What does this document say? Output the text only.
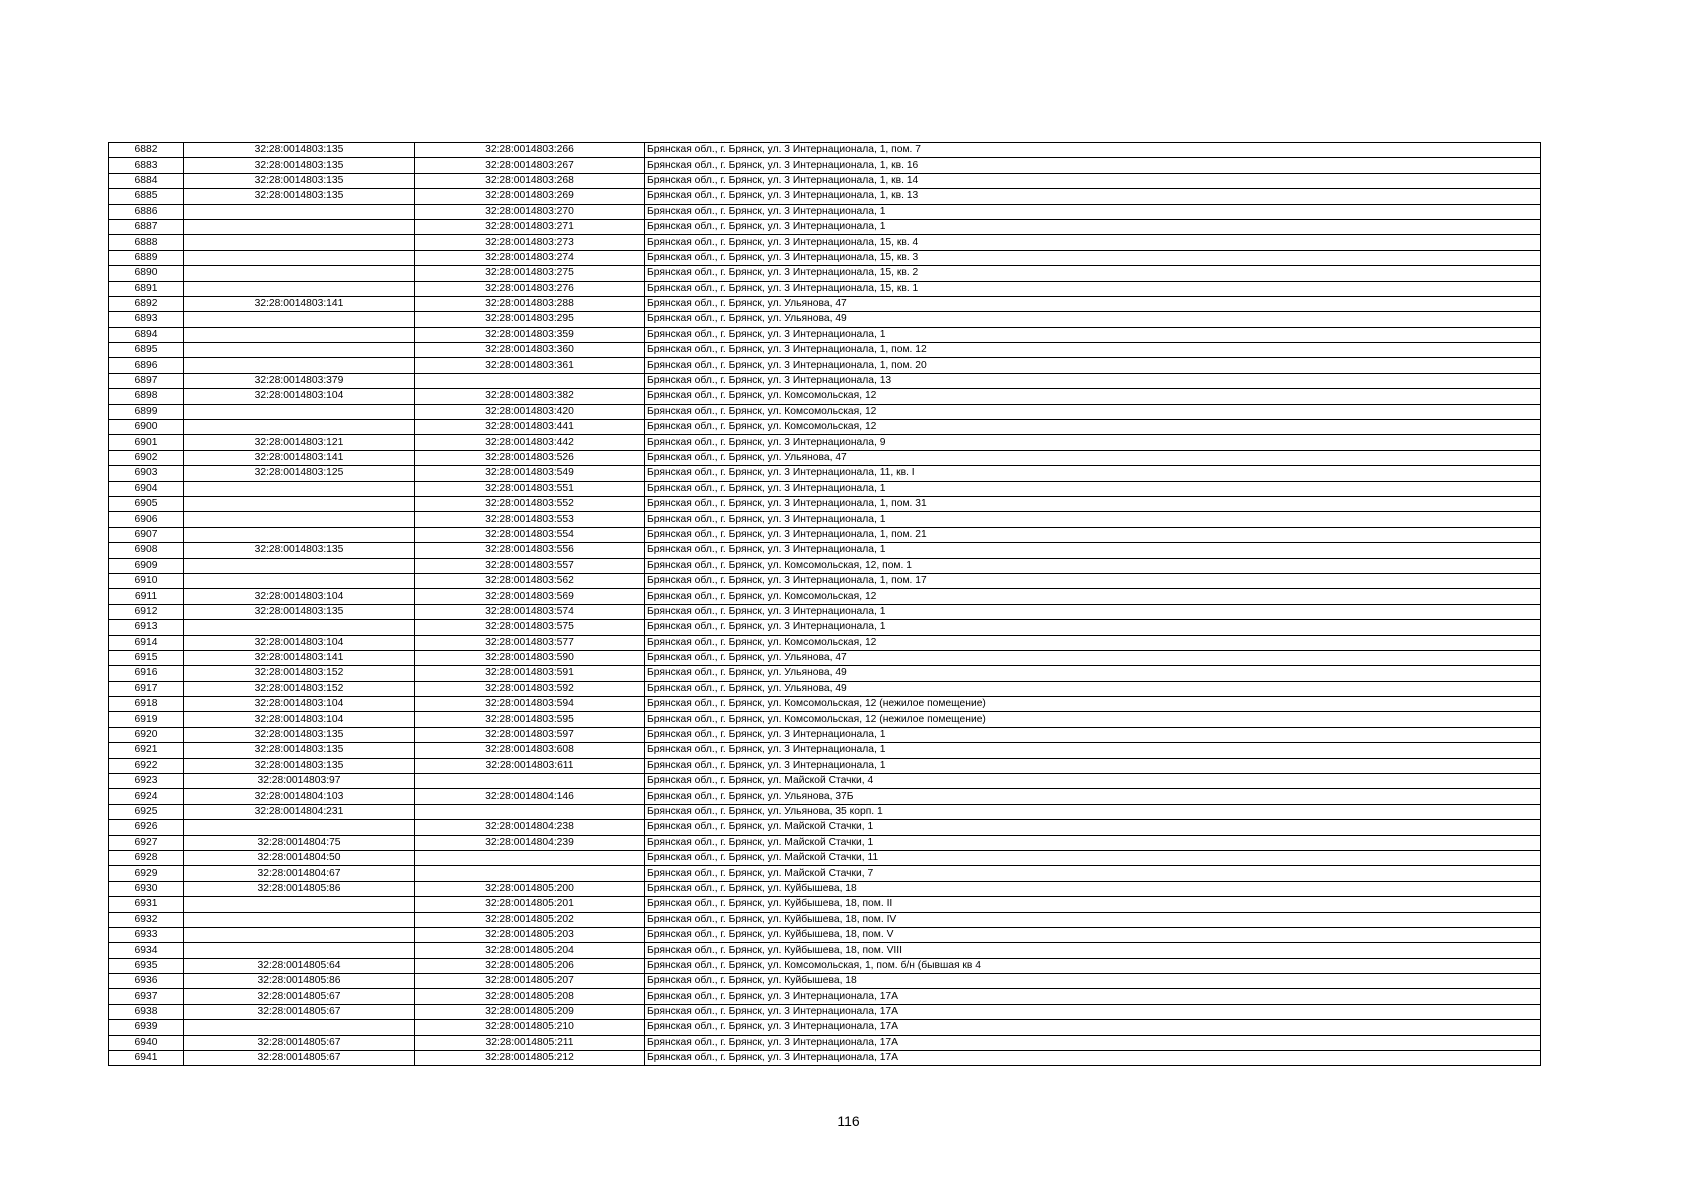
6882	32:28:0014803:135	32:28:0014803:266	Брянская обл., г. Брянск, ул. 3 Интернационала, 1, пом. 7
6883	32:28:0014803:135	32:28:0014803:267	Брянская обл., г. Брянск, ул. 3 Интернационала, 1, кв. 16
6884	32:28:0014803:135	32:28:0014803:268	Брянская обл., г. Брянск, ул. 3 Интернационала, 1, кв. 14
6885	32:28:0014803:135	32:28:0014803:269	Брянская обл., г. Брянск, ул. 3 Интернационала, 1, кв. 13
6886		32:28:0014803:270	Брянская обл., г. Брянск, ул. 3 Интернационала, 1
6887		32:28:0014803:271	Брянская обл., г. Брянск, ул. 3 Интернационала, 1
6888		32:28:0014803:273	Брянская обл., г. Брянск, ул. 3 Интернационала, 15, кв. 4
6889		32:28:0014803:274	Брянская обл., г. Брянск, ул. 3 Интернационала, 15, кв. 3
6890		32:28:0014803:275	Брянская обл., г. Брянск, ул. 3 Интернационала, 15, кв. 2
6891		32:28:0014803:276	Брянская обл., г. Брянск, ул. 3 Интернационала, 15, кв. 1
6892	32:28:0014803:141	32:28:0014803:288	Брянская обл., г. Брянск, ул. Ульянова, 47
6893		32:28:0014803:295	Брянская обл., г. Брянск, ул. Ульянова, 49
6894		32:28:0014803:359	Брянская обл., г. Брянск, ул. 3 Интернационала, 1
6895		32:28:0014803:360	Брянская обл., г. Брянск, ул. 3 Интернационала, 1, пом. 12
6896		32:28:0014803:361	Брянская обл., г. Брянск, ул. 3 Интернационала, 1, пом. 20
6897	32:28:0014803:379		Брянская обл., г. Брянск, ул. 3 Интернационала, 13
6898	32:28:0014803:104	32:28:0014803:382	Брянская обл., г. Брянск, ул. Комсомольская, 12
6899		32:28:0014803:420	Брянская обл., г. Брянск, ул. Комсомольская, 12
6900		32:28:0014803:441	Брянская обл., г. Брянск, ул. Комсомольская, 12
6901	32:28:0014803:121	32:28:0014803:442	Брянская обл., г. Брянск, ул. 3 Интернационала, 9
6902	32:28:0014803:141	32:28:0014803:526	Брянская обл., г. Брянск, ул. Ульянова, 47
6903	32:28:0014803:125	32:28:0014803:549	Брянская обл., г. Брянск, ул. 3 Интернационала, 11, кв. I
6904		32:28:0014803:551	Брянская обл., г. Брянск, ул. 3 Интернационала, 1
6905		32:28:0014803:552	Брянская обл., г. Брянск, ул. 3 Интернационала, 1, пом. 31
6906		32:28:0014803:553	Брянская обл., г. Брянск, ул. 3 Интернационала, 1
6907		32:28:0014803:554	Брянская обл., г. Брянск, ул. 3 Интернационала, 1, пом. 21
6908	32:28:0014803:135	32:28:0014803:556	Брянская обл., г. Брянск, ул. 3 Интернационала, 1
6909		32:28:0014803:557	Брянская обл., г. Брянск, ул. Комсомольская, 12, пом. 1
6910		32:28:0014803:562	Брянская обл., г. Брянск, ул. 3 Интернационала, 1, пом. 17
6911	32:28:0014803:104	32:28:0014803:569	Брянская обл., г. Брянск, ул. Комсомольская, 12
6912	32:28:0014803:135	32:28:0014803:574	Брянская обл., г. Брянск, ул. 3 Интернационала, 1
6913		32:28:0014803:575	Брянская обл., г. Брянск, ул. 3 Интернационала, 1
6914	32:28:0014803:104	32:28:0014803:577	Брянская обл., г. Брянск, ул. Комсомольская, 12
6915	32:28:0014803:141	32:28:0014803:590	Брянская обл., г. Брянск, ул. Ульянова, 47
6916	32:28:0014803:152	32:28:0014803:591	Брянская обл., г. Брянск, ул. Ульянова, 49
6917	32:28:0014803:152	32:28:0014803:592	Брянская обл., г. Брянск, ул. Ульянова, 49
6918	32:28:0014803:104	32:28:0014803:594	Брянская обл., г. Брянск, ул. Комсомольская, 12 (нежилое помещение)
6919	32:28:0014803:104	32:28:0014803:595	Брянская обл., г. Брянск, ул. Комсомольская, 12 (нежилое помещение)
6920	32:28:0014803:135	32:28:0014803:597	Брянская обл., г. Брянск, ул. 3 Интернационала, 1
6921	32:28:0014803:135	32:28:0014803:608	Брянская обл., г. Брянск, ул. 3 Интернационала, 1
6922	32:28:0014803:135	32:28:0014803:611	Брянская обл., г. Брянск, ул. 3 Интернационала, 1
6923	32:28:0014803:97		Брянская обл., г. Брянск, ул. Майской Стачки, 4
6924	32:28:0014804:103	32:28:0014804:146	Брянская обл., г. Брянск, ул. Ульянова, 37Б
6925	32:28:0014804:231		Брянская обл., г. Брянск, ул. Ульянова, 35 корп. 1
6926		32:28:0014804:238	Брянская обл., г. Брянск, ул. Майской Стачки, 1
6927	32:28:0014804:75	32:28:0014804:239	Брянская обл., г. Брянск, ул. Майской Стачки, 1
6928	32:28:0014804:50		Брянская обл., г. Брянск, ул. Майской Стачки, 11
6929	32:28:0014804:67		Брянская обл., г. Брянск, ул. Майской Стачки, 7
6930	32:28:0014805:86	32:28:0014805:200	Брянская обл., г. Брянск, ул. Куйбышева, 18
6931		32:28:0014805:201	Брянская обл., г. Брянск, ул. Куйбышева, 18, пом. II
6932		32:28:0014805:202	Брянская обл., г. Брянск, ул. Куйбышева, 18, пом. IV
6933		32:28:0014805:203	Брянская обл., г. Брянск, ул. Куйбышева, 18, пом. V
6934		32:28:0014805:204	Брянская обл., г. Брянск, ул. Куйбышева, 18, пом. VIII
6935	32:28:0014805:64	32:28:0014805:206	Брянская обл., г. Брянск, ул. Комсомольская, 1, пом. б/н (бывшая кв 4
6936	32:28:0014805:86	32:28:0014805:207	Брянская обл., г. Брянск, ул. Куйбышева, 18
6937	32:28:0014805:67	32:28:0014805:208	Брянская обл., г. Брянск, ул. 3 Интернационала, 17А
6938	32:28:0014805:67	32:28:0014805:209	Брянская обл., г. Брянск, ул. 3 Интернационала, 17А
6939		32:28:0014805:210	Брянская обл., г. Брянск, ул. 3 Интернационала, 17А
6940	32:28:0014805:67	32:28:0014805:211	Брянская обл., г. Брянск, ул. 3 Интернационала, 17А
6941	32:28:0014805:67	32:28:0014805:212	Брянская обл., г. Брянск, ул. 3 Интернационала, 17А
116
